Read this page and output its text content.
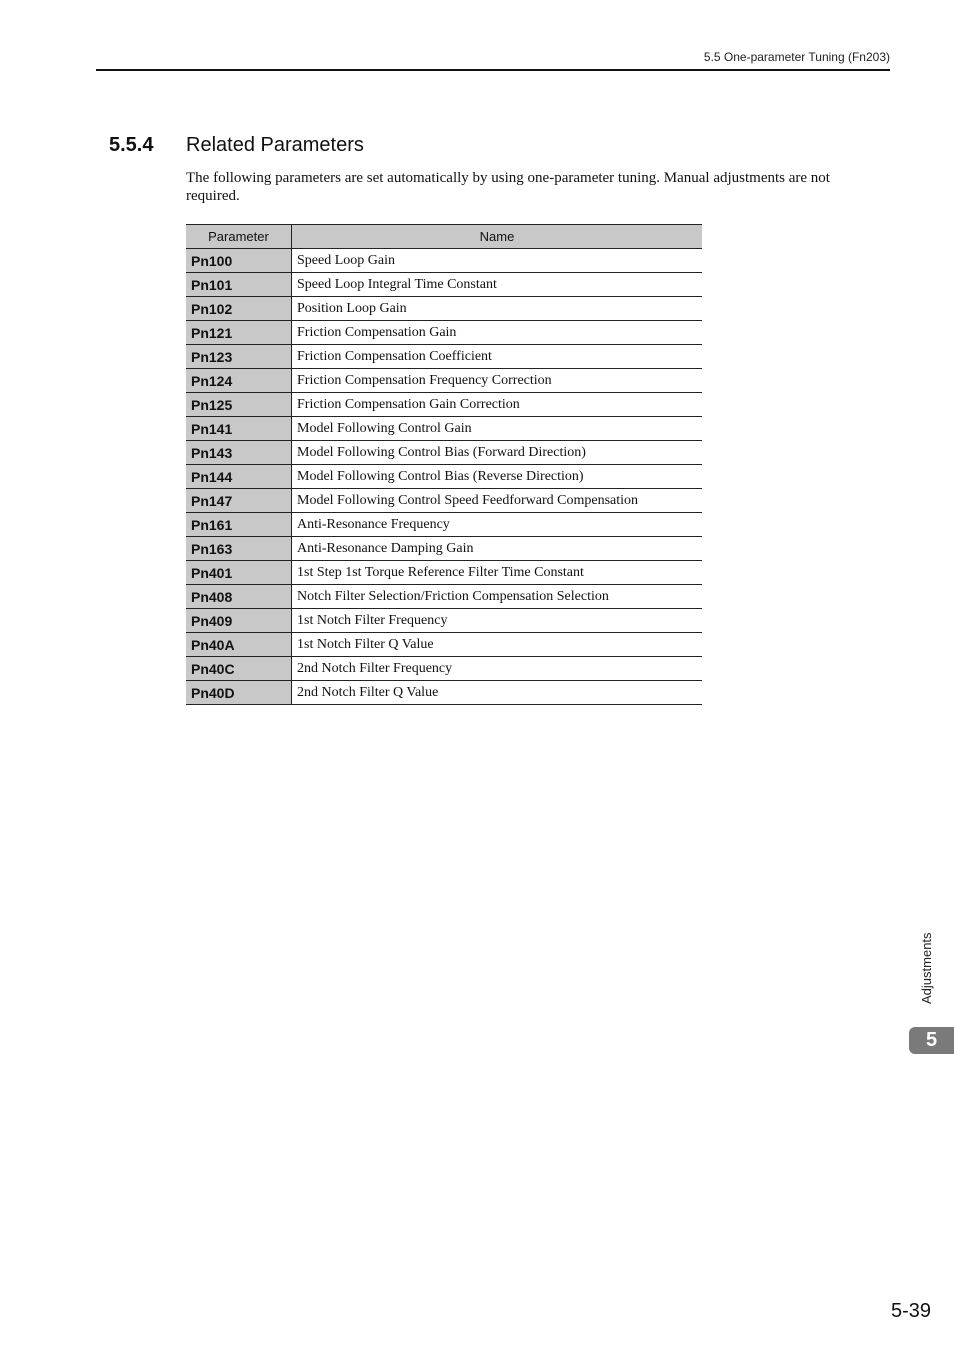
5.5 One-parameter Tuning (Fn203)
5.5.4 Related Parameters

The following parameters are set automatically by using one-parameter tuning. Manual adjustments are not required.

Parameter	Name
Pn100	Speed Loop Gain
Pn101	Speed Loop Integral Time Constant
Pn102	Position Loop Gain
Pn121	Friction Compensation Gain
Pn123	Friction Compensation Coefficient
Pn124	Friction Compensation Frequency Correction
Pn125	Friction Compensation Gain Correction
Pn141	Model Following Control Gain
Pn143	Model Following Control Bias (Forward Direction)
Pn144	Model Following Control Bias (Reverse Direction)
Pn147	Model Following Control Speed Feedforward Compensation
Pn161	Anti-Resonance Frequency
Pn163	Anti-Resonance Damping Gain
Pn401	1st Step 1st Torque Reference Filter Time Constant
Pn408	Notch Filter Selection/Friction Compensation Selection
Pn409	1st Notch Filter Frequency
Pn40A	1st Notch Filter Q Value
Pn40C	2nd Notch Filter Frequency
Pn40D	2nd Notch Filter Q Value
Adjustments
5
5-39
